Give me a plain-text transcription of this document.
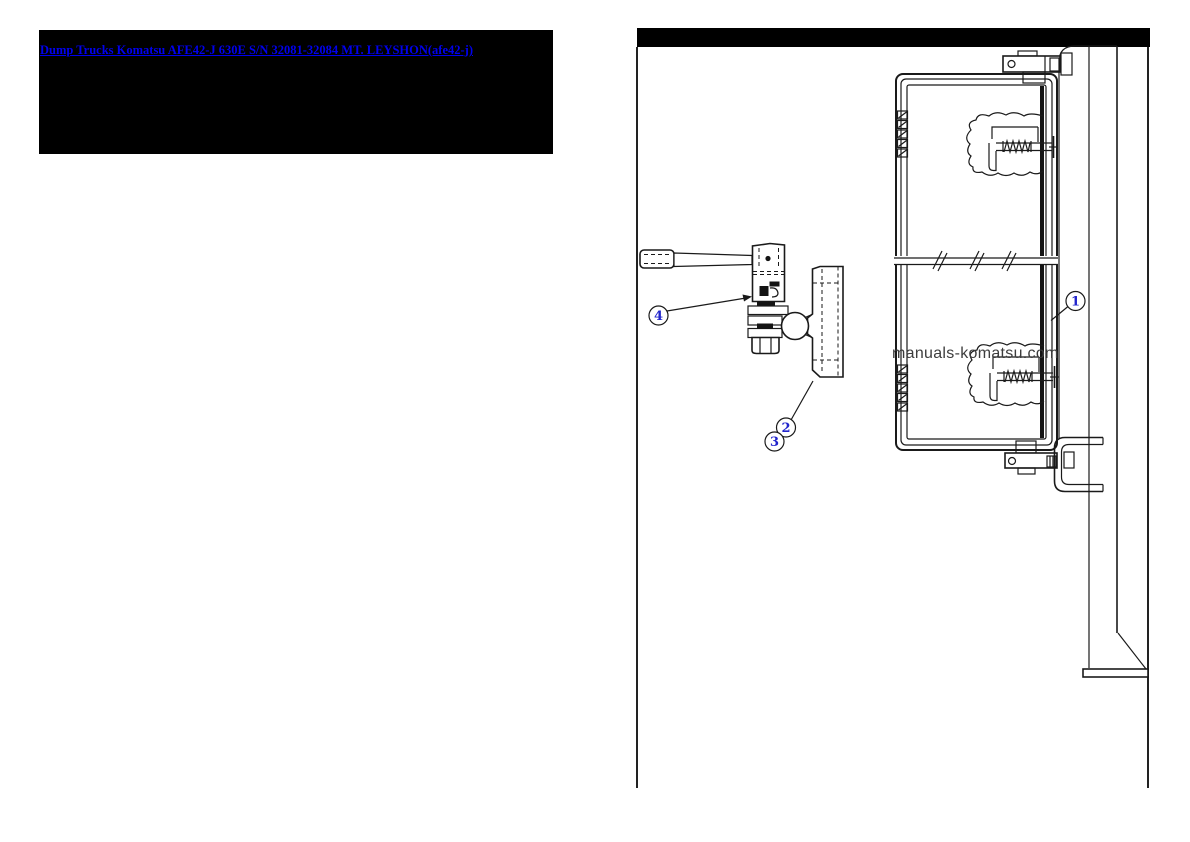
Dump Trucks Komatsu AFE42-J 630E S/N 32081-32084 MT. LEYSHON(afe42-j)
manuals-komatsu.com
1
2
3
4
